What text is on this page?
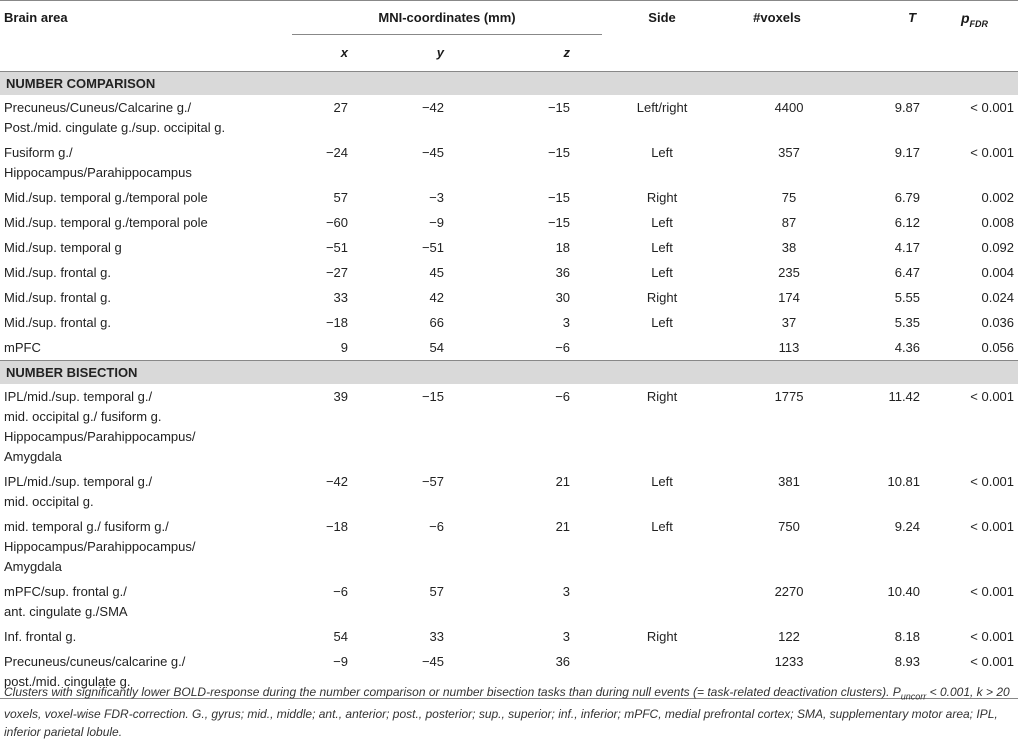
Brain area	MNI-coordinates (mm)			Side	#voxels	T	$p_{FDR}$
	x	y	z				
NUMBER COMPARISON							

Precuneus/Cuneus/Calcarine g./
Post./mid. cingulate g./sup. occipital g.	27	−42	−15	Left/right	4400	9.87	< 0.001

Fusiform g./
Hippocampus/Parahippocampus	−24	−45	−15	Left	357	9.17	< 0.001

Mid./sup. temporal g./temporal pole	57	−3	−15	Right	75	6.79	0.002

Mid./sup. temporal g./temporal pole	−60	−9	−15	Left	87	6.12	0.008

Mid./sup. temporal g	−51	−51	18	Left	38	4.17	0.092

Mid./sup. frontal g.	−27	45	36	Left	235	6.47	0.004

Mid./sup. frontal g.	33	42	30	Right	174	5.55	0.024

Mid./sup. frontal g.	−18	66	3	Left	37	5.35	0.036

mPFC	9	54	−6		113	4.36	0.056
NUMBER BISECTION							

IPL/mid./sup. temporal g./
mid. occipital g./ fusiform g.
Hippocampus/Parahippocampus/
Amygdala	39	−15	−6	Right	1775	11.42	< 0.001

IPL/mid./sup. temporal g./
mid. occipital g.	−42	−57	21	Left	381	10.81	< 0.001

mid. temporal g./ fusiform g./
Hippocampus/Parahippocampus/
Amygdala	−18	−6	21	Left	750	9.24	< 0.001

mPFC/sup. frontal g./
ant. cingulate g./SMA	−6	57	3		2270	10.40	< 0.001

Inf. frontal g.	54	33	3	Right	122	8.18	< 0.001

Precuneus/cuneus/calcarine g./
post./mid. cingulate g.	−9	−45	36		1233	8.93	< 0.001

Clusters with significantly lower BOLD-response during the number comparison or number bisection tasks than during null events (= task-related deactivation clusters). $P_{uncorr} < 0.001$, k > 20 voxels, voxel-wise FDR-correction. G., gyrus; mid., middle; ant., anterior; post., posterior; sup., superior; inf., inferior; mPFC, medial prefrontal cortex; SMA, supplementary motor area; IPL, inferior parietal lobule.
